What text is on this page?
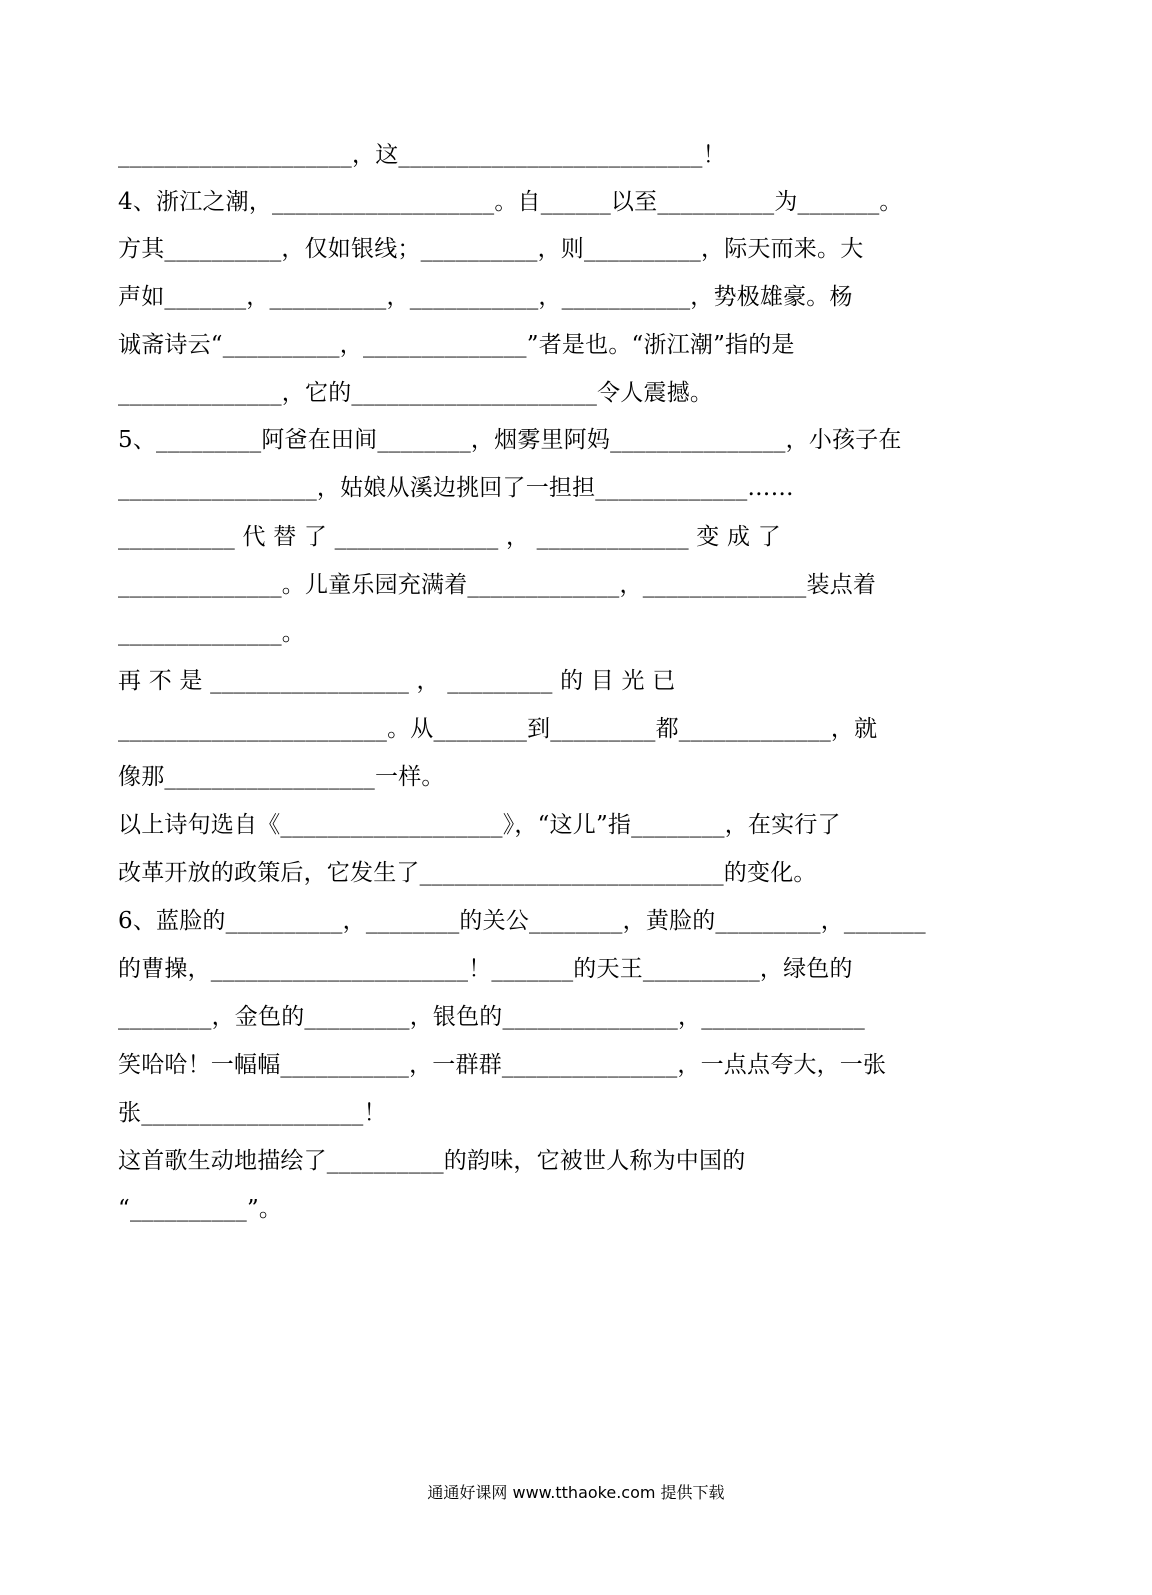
____________________，这__________________________！
4、浙江之潮，___________________。自______以至__________为_______。
方其__________，仅如银线；__________，则__________，际天而来。大
声如_______，__________，___________，___________，势极雄豪。杨
诚斋诗云“__________，______________”者是也。“浙江潮”指的是
______________，它的_____________________令人震撼。
5、_________阿爸在田间________，烟雾里阿妈_______________，小孩子在
_________________，姑娘从溪边挑回了一担担_____________……
__________ 代 替 了 ______________ ， _____________ 变 成 了
______________。儿童乐园充满着_____________，______________装点着
______________。
再 不 是 _________________ ， _________ 的 目 光 已
_______________________。从________到_________都_____________，就
像那__________________一样。
以上诗句选自《___________________》，“这儿”指________，在实行了
改革开放的政策后，它发生了__________________________的变化。
6、蓝脸的__________，________的关公________，黄脸的_________，_______
的曹操，______________________！_______的天王__________，绿色的
________，金色的_________，银色的_______________，______________
笑哈哈！一幅幅___________，一群群_______________，一点点夸大，一张
张___________________！
这首歌生动地描绘了__________的韵味，它被世人称为中国的
“__________”。
通通好课网 www.tthaoke.com 提供下载
